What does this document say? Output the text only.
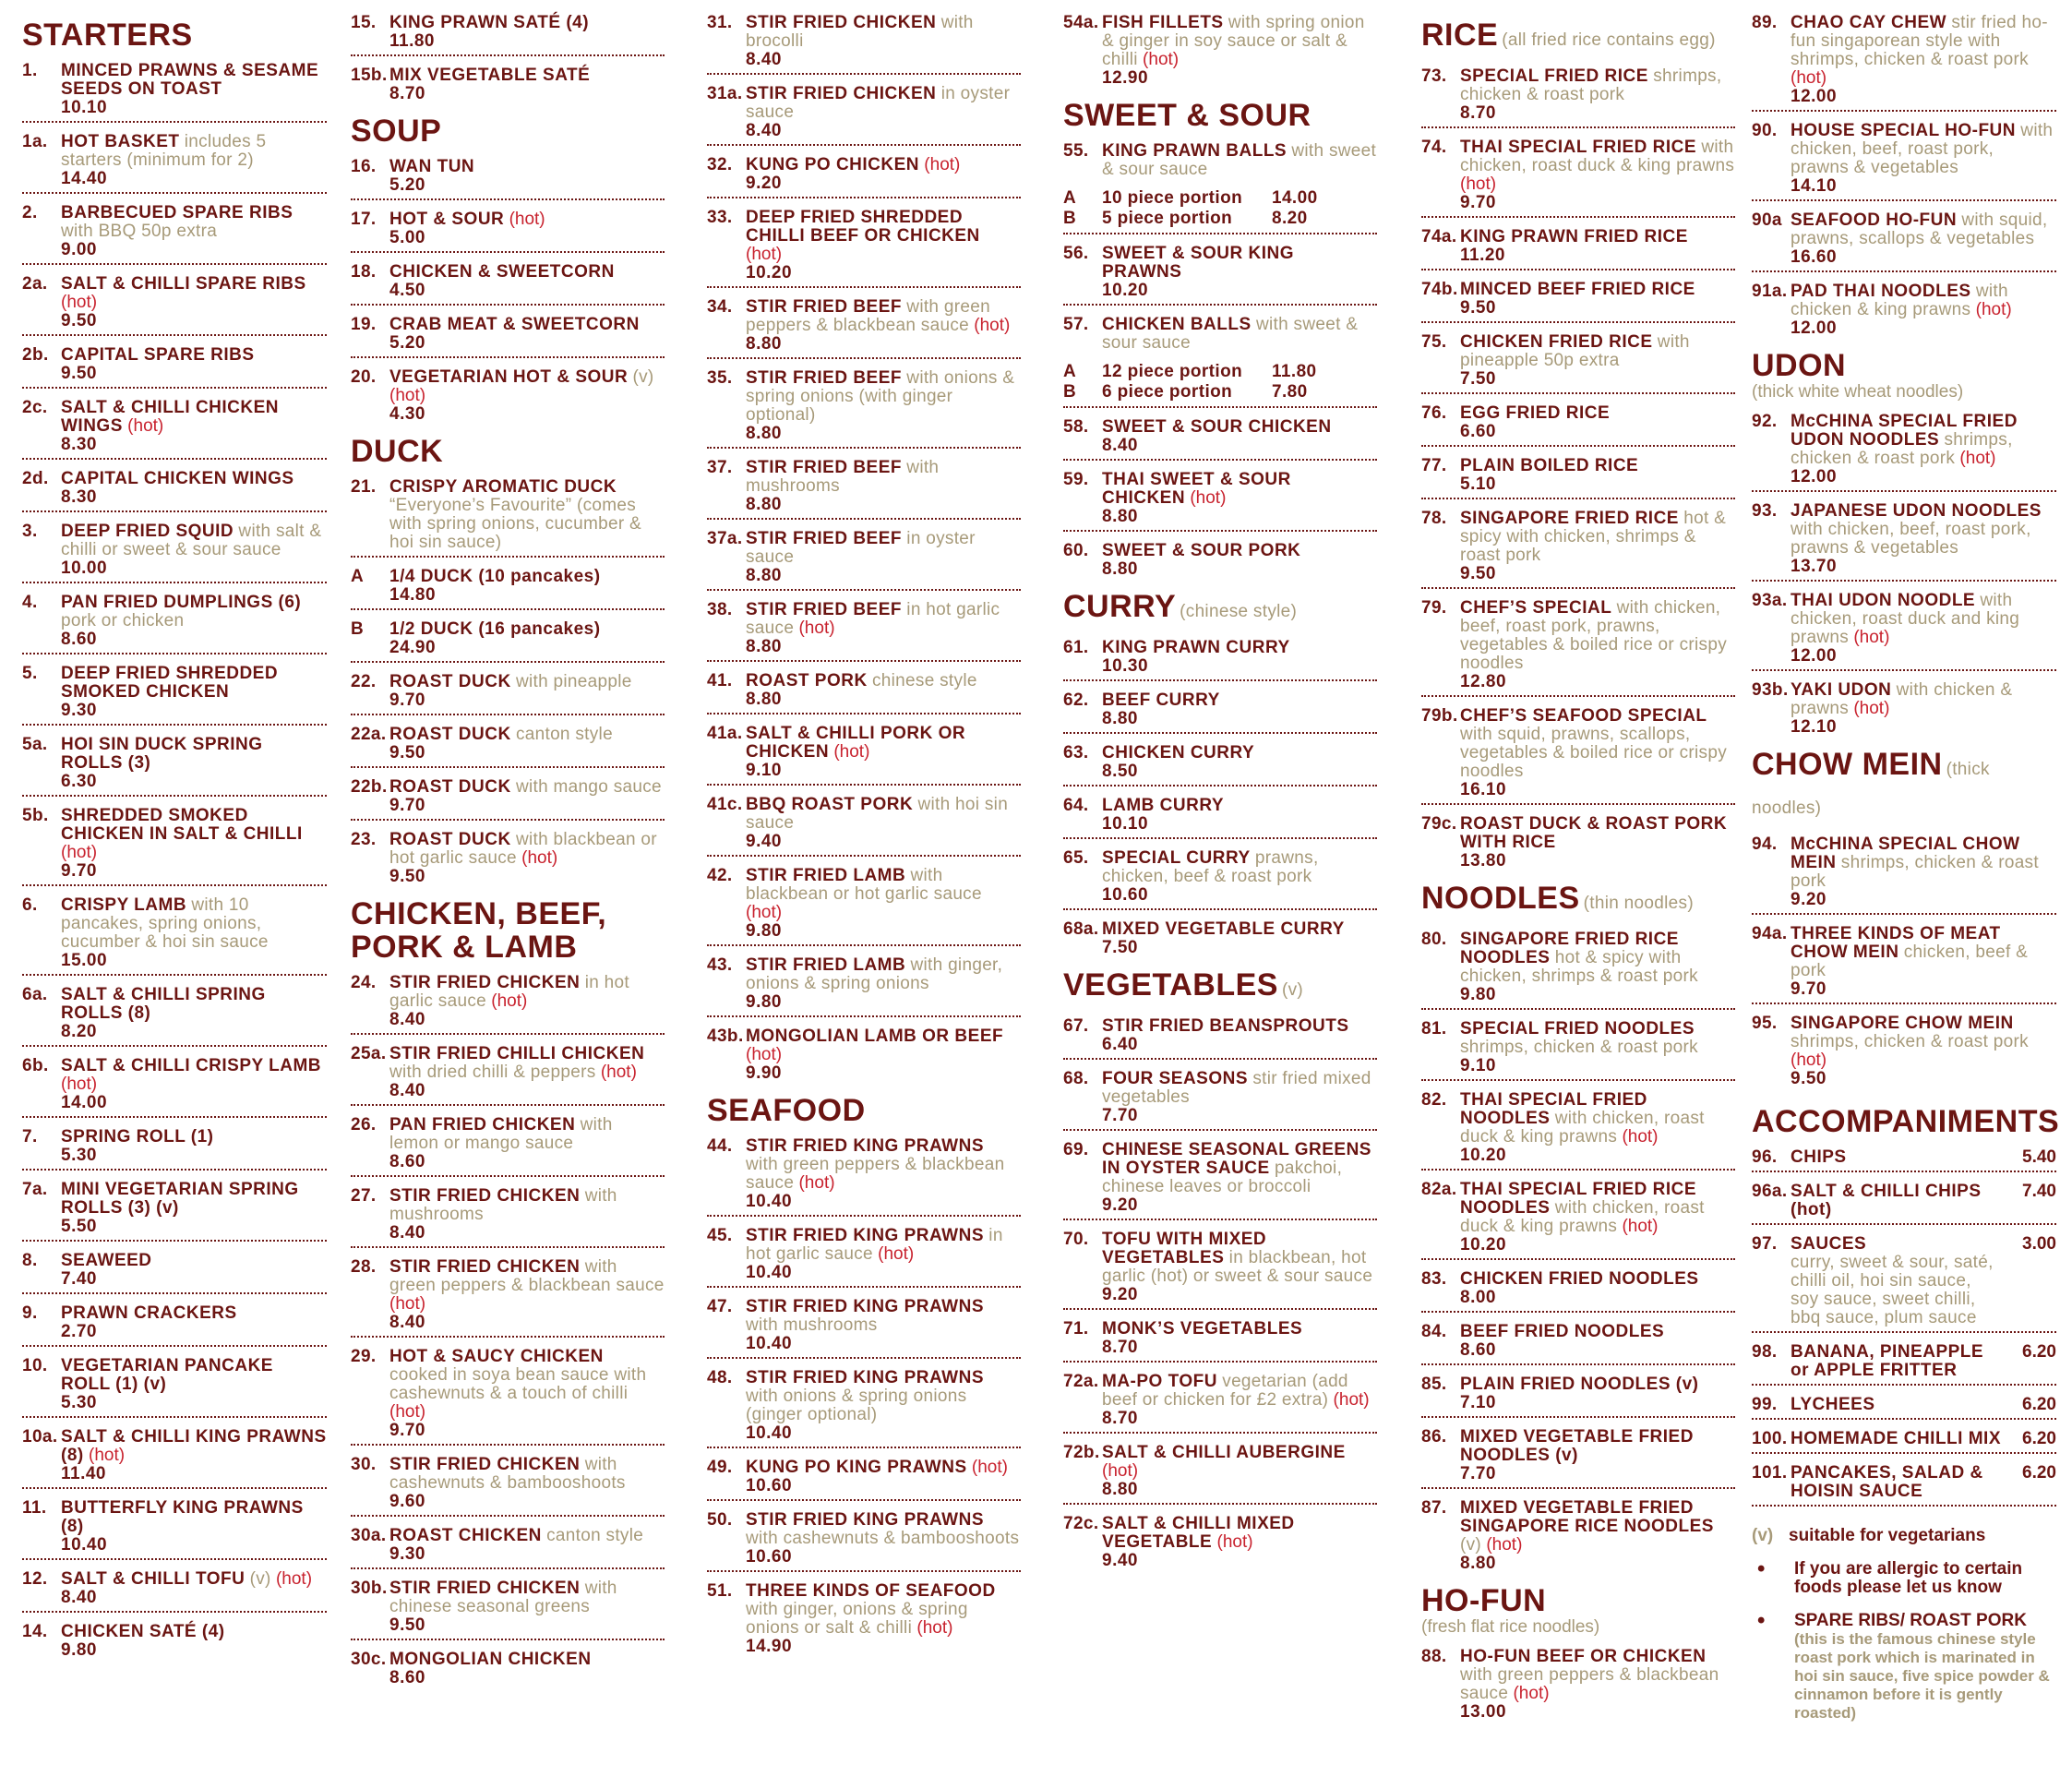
STARTERS
1.	MINCED PRAWNS & SESAME SEEDS ON TOAST
10.10
1a. HOT BASKET includes 5 starters (minimum for 2)
14.40
2.	BARBECUED SPARE RIBS with BBQ 50p extra
9.00
2a. SALT & CHILLI SPARE RIBS (hot)
9.50
2b. CAPITAL SPARE RIBS
9.50
2c. SALT & CHILLI CHICKEN WINGS (hot)
8.30
2d. CAPITAL CHICKEN WINGS
8.30
3.	DEEP FRIED SQUID with salt & chilli or sweet & sour sauce
10.00
4.	PAN FRIED DUMPLINGS (6) pork or chicken
8.60
5.	DEEP FRIED SHREDDED SMOKED CHICKEN
9.30
5a. HOI SIN DUCK SPRING ROLLS (3)
6.30
5b. SHREDDED SMOKED CHICKEN IN SALT & CHILLI (hot)
9.70
6.	CRISPY LAMB with 10 pancakes, spring onions, cucumber & hoi sin sauce
15.00
6a. SALT & CHILLI SPRING ROLLS (8)
8.20
6b. SALT & CHILLI CRISPY LAMB (hot)
14.00
7.	SPRING ROLL (1)
5.30
7a. MINI VEGETARIAN SPRING ROLLS (3) (v)
5.50
8.	SEAWEED
7.40
9.	PRAWN CRACKERS
2.70
10. VEGETARIAN PANCAKE ROLL (1) (v)
5.30
10a. SALT & CHILLI KING PRAWNS (8) (hot)
11.40
11. BUTTERFLY KING PRAWNS (8)
10.40
12. SALT & CHILLI TOFU (v) (hot)
8.40
14. CHICKEN SATÉ (4)
9.80
15. KING PRAWN SATÉ (4)
11.80
15b. MIX VEGETABLE SATÉ
8.70
SOUP
16. WAN TUN
5.20
17. HOT & SOUR (hot)
5.00
18. CHICKEN & SWEETCORN
4.50
19. CRAB MEAT & SWEETCORN
5.20
20. VEGETARIAN HOT & SOUR (v) (hot)
4.30
DUCK
21. CRISPY AROMATIC DUCK “Everyone’s Favourite” (comes with spring onions, cucumber & hoi sin sauce)
A	1/4 DUCK (10 pancakes)
14.80
B	1/2 DUCK (16 pancakes)
24.90
22. ROAST DUCK with pineapple
9.70
22a. ROAST DUCK canton style
9.50
22b. ROAST DUCK with mango sauce
9.70
23. ROAST DUCK with blackbean or hot garlic sauce (hot)
9.50
CHICKEN, BEEF, PORK & LAMB
24. STIR FRIED CHICKEN in hot garlic sauce (hot)
8.40
25a. STIR FRIED CHILLI CHICKEN with dried chilli & peppers (hot)
8.40
26. PAN FRIED CHICKEN with lemon or mango sauce
8.60
27. STIR FRIED CHICKEN with mushrooms
8.40
28. STIR FRIED CHICKEN with green peppers & blackbean sauce (hot)
8.40
29. HOT & SAUCY CHICKEN cooked in soya bean sauce with cashewnuts & a touch of chilli (hot)
9.70
30. STIR FRIED CHICKEN with cashewnuts & bambooshoots
9.60
30a. ROAST CHICKEN canton style
9.30
30b. STIR FRIED CHICKEN with chinese seasonal greens
9.50
30c. MONGOLIAN CHICKEN
8.60
31. STIR FRIED CHICKEN with brocolli
8.40
31a. STIR FRIED CHICKEN in oyster sauce
8.40
32. KUNG PO CHICKEN (hot)
9.20
33. DEEP FRIED SHREDDED CHILLI BEEF OR CHICKEN (hot)
10.20
34. STIR FRIED BEEF with green peppers & blackbean sauce (hot)
8.80
35. STIR FRIED BEEF with onions & spring onions (with ginger optional)
8.80
37. STIR FRIED BEEF with mushrooms
8.80
37a. STIR FRIED BEEF in oyster sauce
8.80
38. STIR FRIED BEEF in hot garlic sauce (hot)
8.80
41. ROAST PORK chinese style
8.80
41a. SALT & CHILLI PORK OR CHICKEN (hot)
9.10
41c. BBQ ROAST PORK with hoi sin sauce
9.40
42. STIR FRIED LAMB with blackbean or hot garlic sauce (hot)
9.80
43. STIR FRIED LAMB with ginger, onions & spring onions
9.80
43b. MONGOLIAN LAMB OR BEEF (hot)
9.90
SEAFOOD
44. STIR FRIED KING PRAWNS with green peppers & blackbean sauce (hot)
10.40
45. STIR FRIED KING PRAWNS in hot garlic sauce (hot)
10.40
47. STIR FRIED KING PRAWNS with mushrooms
10.40
48. STIR FRIED KING PRAWNS with onions & spring onions (ginger optional)
10.40
49. KUNG PO KING PRAWNS (hot)
10.60
50. STIR FRIED KING PRAWNS with cashewnuts & bambooshoots
10.60
51. THREE KINDS OF SEAFOOD with ginger, onions & spring onions or salt & chilli (hot)
14.90
54a. FISH FILLETS with spring onion & ginger in soy sauce or salt & chilli (hot)
12.90
SWEET & SOUR
55. KING PRAWN BALLS with sweet & sour sauce
A	10 piece portion	14.00
B	5 piece portion	8.20
56. SWEET & SOUR KING PRAWNS
10.20
57. CHICKEN BALLS with sweet & sour sauce
A	12 piece portion	11.80
B	6 piece portion	7.80
58. SWEET & SOUR CHICKEN
8.40
59. THAI SWEET & SOUR CHICKEN (hot)
8.80
60. SWEET & SOUR PORK
8.80
CURRY (chinese style)
61. KING PRAWN CURRY
10.30
62. BEEF CURRY
8.80
63. CHICKEN CURRY
8.50
64. LAMB CURRY
10.10
65. SPECIAL CURRY prawns, chicken, beef & roast pork
10.60
68a. MIXED VEGETABLE CURRY
7.50
VEGETABLES (v)
67. STIR FRIED BEANSPROUTS
6.40
68. FOUR SEASONS stir fried mixed vegetables
7.70
69. CHINESE SEASONAL GREENS IN OYSTER SAUCE pakchoi, chinese leaves or broccoli
9.20
70. TOFU WITH MIXED VEGETABLES in blackbean, hot garlic (hot) or sweet & sour sauce
9.20
71. MONK’S VEGETABLES
8.70
72a. MA-PO TOFU vegetarian (add beef or chicken for £2 extra) (hot)
8.70
72b. SALT & CHILLI AUBERGINE (hot)
8.80
72c. SALT & CHILLI MIXED VEGETABLE (hot)
9.40
RICE (all fried rice contains egg)
73. SPECIAL FRIED RICE shrimps, chicken & roast pork
8.70
74. THAI SPECIAL FRIED RICE with chicken, roast duck & king prawns (hot)
9.70
74a. KING PRAWN FRIED RICE
11.20
74b. MINCED BEEF FRIED RICE
9.50
75. CHICKEN FRIED RICE with pineapple 50p extra
7.50
76. EGG FRIED RICE
6.60
77. PLAIN BOILED RICE
5.10
78. SINGAPORE FRIED RICE hot & spicy with chicken, shrimps & roast pork
9.50
79. CHEF’S SPECIAL with chicken, beef, roast pork, prawns, vegetables & boiled rice or crispy noodles
12.80
79b. CHEF’S SEAFOOD SPECIAL with squid, prawns, scallops, vegetables & boiled rice or crispy noodles
16.10
79c. ROAST DUCK & ROAST PORK WITH RICE
13.80
NOODLES (thin noodles)
80. SINGAPORE FRIED RICE NOODLES hot & spicy with chicken, shrimps & roast pork
9.80
81. SPECIAL FRIED NOODLES shrimps, chicken & roast pork
9.10
82. THAI SPECIAL FRIED NOODLES with chicken, roast duck & king prawns (hot)
10.20
82a. THAI SPECIAL FRIED RICE NOODLES with chicken, roast duck & king prawns (hot)
10.20
83. CHICKEN FRIED NOODLES
8.00
84. BEEF FRIED NOODLES
8.60
85. PLAIN FRIED NOODLES (v)
7.10
86. MIXED VEGETABLE FRIED NOODLES (v)
7.70
87. MIXED VEGETABLE FRIED SINGAPORE RICE NOODLES (v) (hot)
8.80
HO-FUN
(fresh flat rice noodles)
88. HO-FUN BEEF OR CHICKEN with green peppers & blackbean sauce (hot)
13.00
89. CHAO CAY CHEW stir fried ho-fun singaporean style with shrimps, chicken & roast pork (hot)
12.00
90. HOUSE SPECIAL HO-FUN with chicken, beef, roast pork, prawns & vegetables
14.10
90a SEAFOOD HO-FUN with squid, prawns, scallops & vegetables
16.60
91a. PAD THAI NOODLES with chicken & king prawns (hot)
12.00
UDON
(thick white wheat noodles)
92. McCHINA SPECIAL FRIED UDON NOODLES shrimps, chicken & roast pork (hot)
12.00
93. JAPANESE UDON NOODLES with chicken, beef, roast pork, prawns & vegetables
13.70
93a. THAI UDON NOODLE with chicken, roast duck and king prawns (hot)
12.00
93b. YAKI UDON with chicken & prawns (hot)
12.10
CHOW MEIN (thick noodles)
94. McCHINA SPECIAL CHOW MEIN shrimps, chicken & roast pork
9.20
94a. THREE KINDS OF MEAT CHOW MEIN chicken, beef & pork
9.70
95. SINGAPORE CHOW MEIN shrimps, chicken & roast pork (hot)
9.50
ACCOMPANIMENTS
96. CHIPS	5.40
96a. SALT & CHILLI CHIPS (hot)
7.40
97. SAUCES
curry, sweet & sour, saté, chilli oil, hoi sin sauce, soy sauce, sweet chilli, bbq sauce, plum sauce
3.00
98. BANANA, PINEAPPLE or APPLE FRITTER
6.20
99. LYCHEES	6.20
100. HOMEMADE CHILLI MIX	6.20
101. PANCAKES, SALAD & HOISIN SAUCE
6.20
(v) suitable for vegetarians
•	If you are allergic to certain foods please let us know
•	SPARE RIBS/ ROAST PORK
(this is the famous chinese style roast pork which is marinated in hoi sin sauce, five spice powder & cinnamon before it is gently roasted)
